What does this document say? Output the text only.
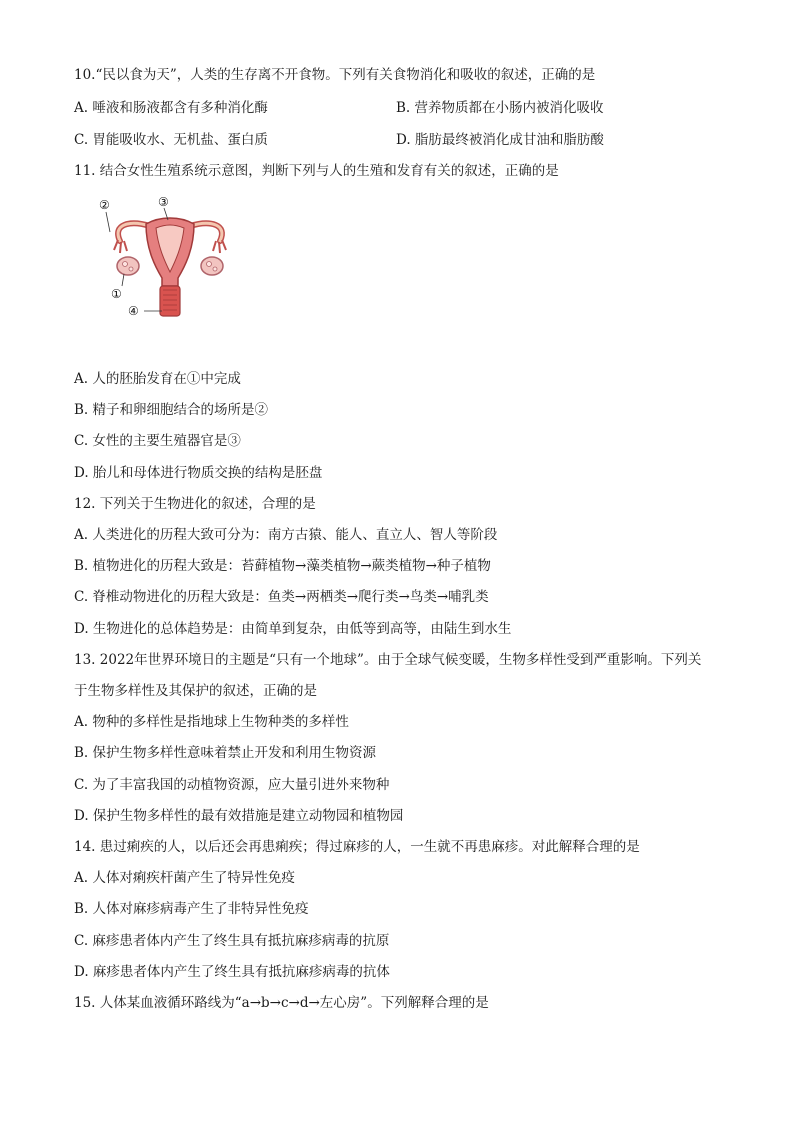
10.“民以食为天”，人类的生存离不开食物。下列有关食物消化和吸收的叙述，正确的是
A. 唾液和肠液都含有多种消化酶	B. 营养物质都在小肠内被消化吸收
C. 胃能吸收水、无机盐、蛋白质	D. 脂肪最终被消化成甘油和脂肪酸
11. 结合女性生殖系统示意图，判断下列与人的生殖和发育有关的叙述，正确的是
②	③
①
④
A. 人的胚胎发育在①中完成
B. 精子和卵细胞结合的场所是②
C. 女性的主要生殖器官是③
D. 胎儿和母体进行物质交换的结构是胚盘
12. 下列关于生物进化的叙述，合理的是
A. 人类进化的历程大致可分为：南方古猿、能人、直立人、智人等阶段
B. 植物进化的历程大致是：苔藓植物→藻类植物→蕨类植物→种子植物
C. 脊椎动物进化的历程大致是：鱼类→两栖类→爬行类→鸟类→哺乳类
D. 生物进化的总体趋势是：由简单到复杂，由低等到高等，由陆生到水生
13. 2022年世界环境日的主题是“只有一个地球”。由于全球气候变暖，生物多样性受到严重影响。下列关
于生物多样性及其保护的叙述，正确的是
A. 物种的多样性是指地球上生物种类的多样性
B. 保护生物多样性意味着禁止开发和利用生物资源
C. 为了丰富我国的动植物资源，应大量引进外来物种
D. 保护生物多样性的最有效措施是建立动物园和植物园
14. 患过痢疾的人，以后还会再患痢疾；得过麻疹的人，一生就不再患麻疹。对此解释合理的是
A. 人体对痢疾杆菌产生了特异性免疫
B. 人体对麻疹病毒产生了非特异性免疫
C. 麻疹患者体内产生了终生具有抵抗麻疹病毒的抗原
D. 麻疹患者体内产生了终生具有抵抗麻疹病毒的抗体
15. 人体某血液循环路线为“a→b→c→d→左心房”。下列解释合理的是
